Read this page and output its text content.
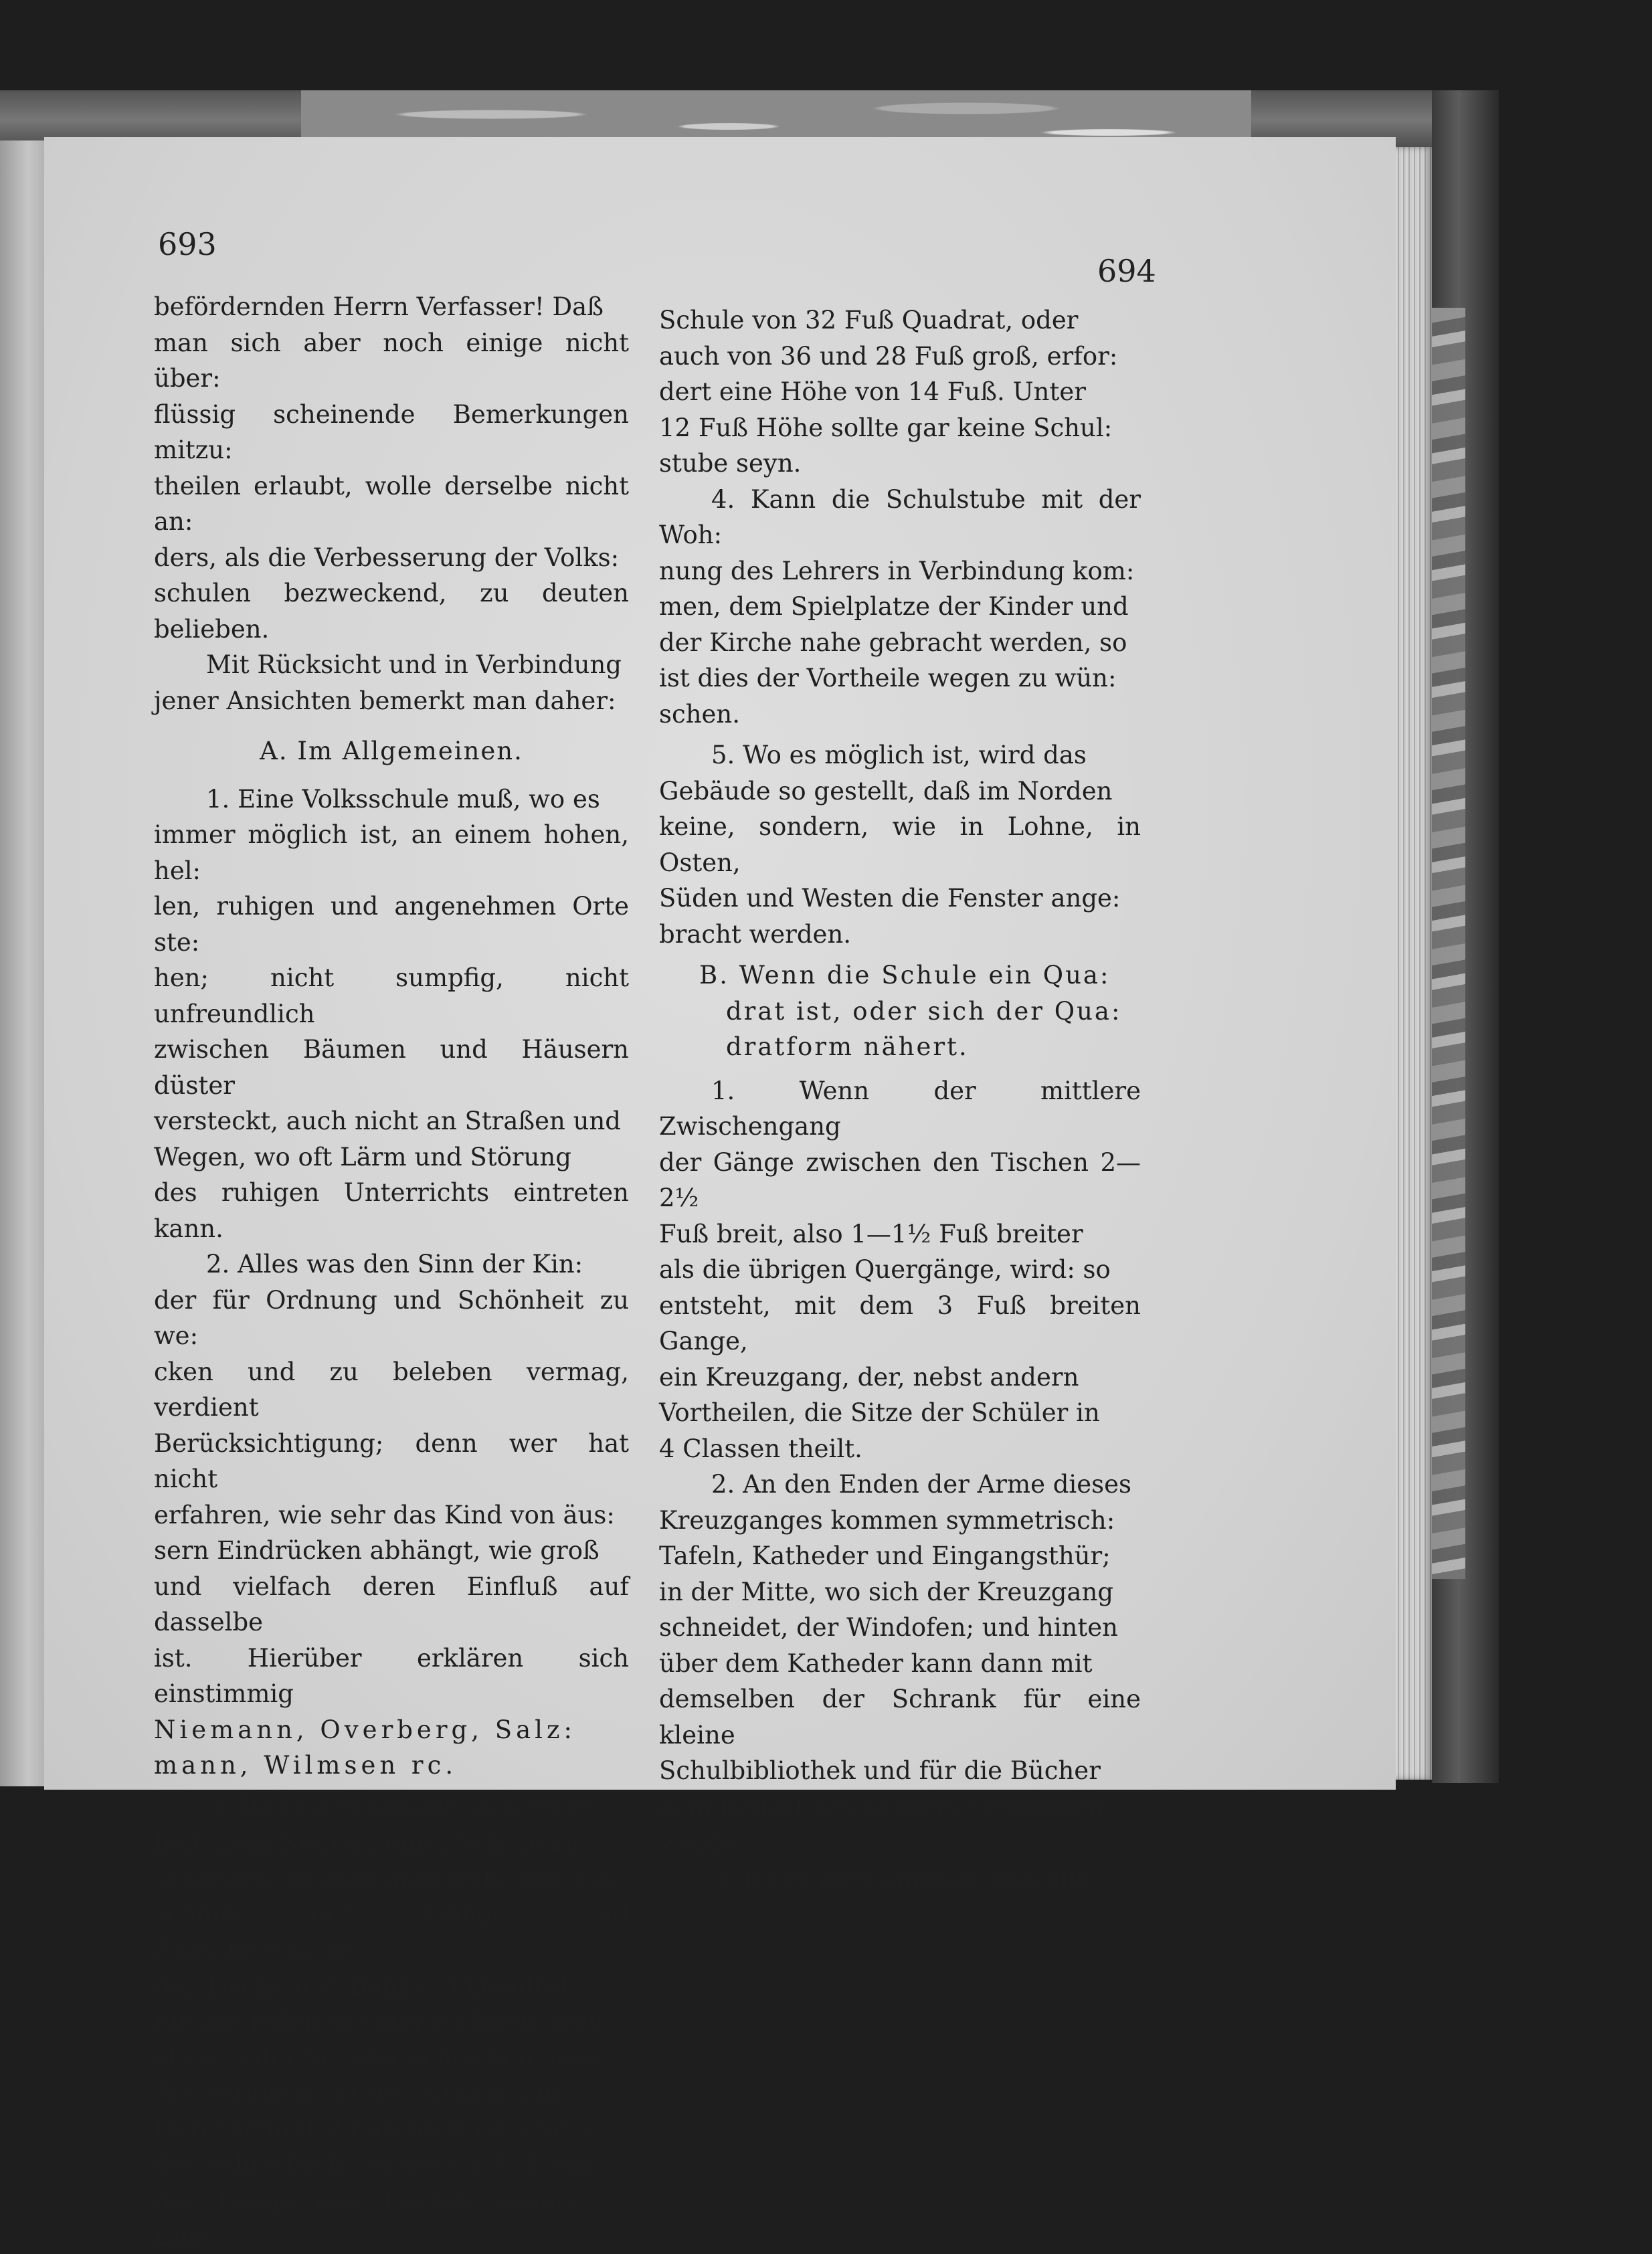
693
694

befördernden Herrn Verfasser! Daß

man sich aber noch einige nicht über:

flüssig scheinende Bemerkungen mitzu:

theilen erlaubt, wolle derselbe nicht an:

ders, als die Verbesserung der Volks:

schulen bezweckend, zu deuten belieben.

Mit Rücksicht und in Verbindung

jener Ansichten bemerkt man daher:

A. Im Allgemeinen.

1. Eine Volksschule muß, wo es

immer möglich ist, an einem hohen, hel:

len, ruhigen und angenehmen Orte ste:

hen; nicht sumpfig, nicht unfreundlich

zwischen Bäumen und Häusern düster

versteckt, auch nicht an Straßen und

Wegen, wo oft Lärm und Störung

des ruhigen Unterrichts eintreten kann.

2. Alles was den Sinn der Kin:

der für Ordnung und Schönheit zu we:

cken und zu beleben vermag, verdient

Berücksichtigung; denn wer hat nicht

erfahren, wie sehr das Kind von äus:

sern Eindrücken abhängt, wie groß

und vielfach deren Einfluß auf dasselbe

ist. Hierüber erklären sich einstimmig

Niemann, Overberg, Salz:

mann, Wilmsen rc.

3. Da es gewöhnlich so schwer

hält, zum Neubau einer Schule zu

schreiten, so mag man wohl, mit Ein:

schluß der Gänge und Zwischenräume

der Tische und Bänke, 5 Quadrat:

fuß auf jeden Schüler rechnen; weil

etwa ¾ der Schüler schreiben, jeder

Schreibtisch mit der Sitzbank im

Durchschnitt 2 Fuß breit ist, und je:

der Schreibschüler gern 2 Fuß von

der Länge des Tisches bedarf. — Eine

Schule von 32 Fuß Quadrat, oder

auch von 36 und 28 Fuß groß, erfor:

dert eine Höhe von 14 Fuß. Unter

12 Fuß Höhe sollte gar keine Schul:

stube seyn.

4. Kann die Schulstube mit der Woh:

nung des Lehrers in Verbindung kom:

men, dem Spielplatze der Kinder und

der Kirche nahe gebracht werden, so

ist dies der Vortheile wegen zu wün:

schen.

5. Wo es möglich ist, wird das

Gebäude so gestellt, daß im Norden

keine, sondern, wie in Lohne, in Osten,

Süden und Westen die Fenster ange:

bracht werden.

B. Wenn die Schule ein Qua:

drat ist, oder sich der Qua:

dratform nähert.

1. Wenn der mittlere Zwischengang

der Gänge zwischen den Tischen 2—2½

Fuß breit, also 1—1½ Fuß breiter

als die übrigen Quergänge, wird: so

entsteht, mit dem 3 Fuß breiten Gange,

ein Kreuzgang, der, nebst andern

Vortheilen, die Sitze der Schüler in

4 Classen theilt.

2. An den Enden der Arme dieses

Kreuzganges kommen symmetrisch:

Tafeln, Katheder und Eingangsthür;

in der Mitte, wo sich der Kreuzgang

schneidet, der Windofen; und hinten

über dem Katheder kann dann mit

demselben der Schrank für eine kleine

Schulbibliothek und für die Bücher

zum Bedarf des Lehrers verbunden

werden.

3. Ist es zweckmäßig, daß alle
